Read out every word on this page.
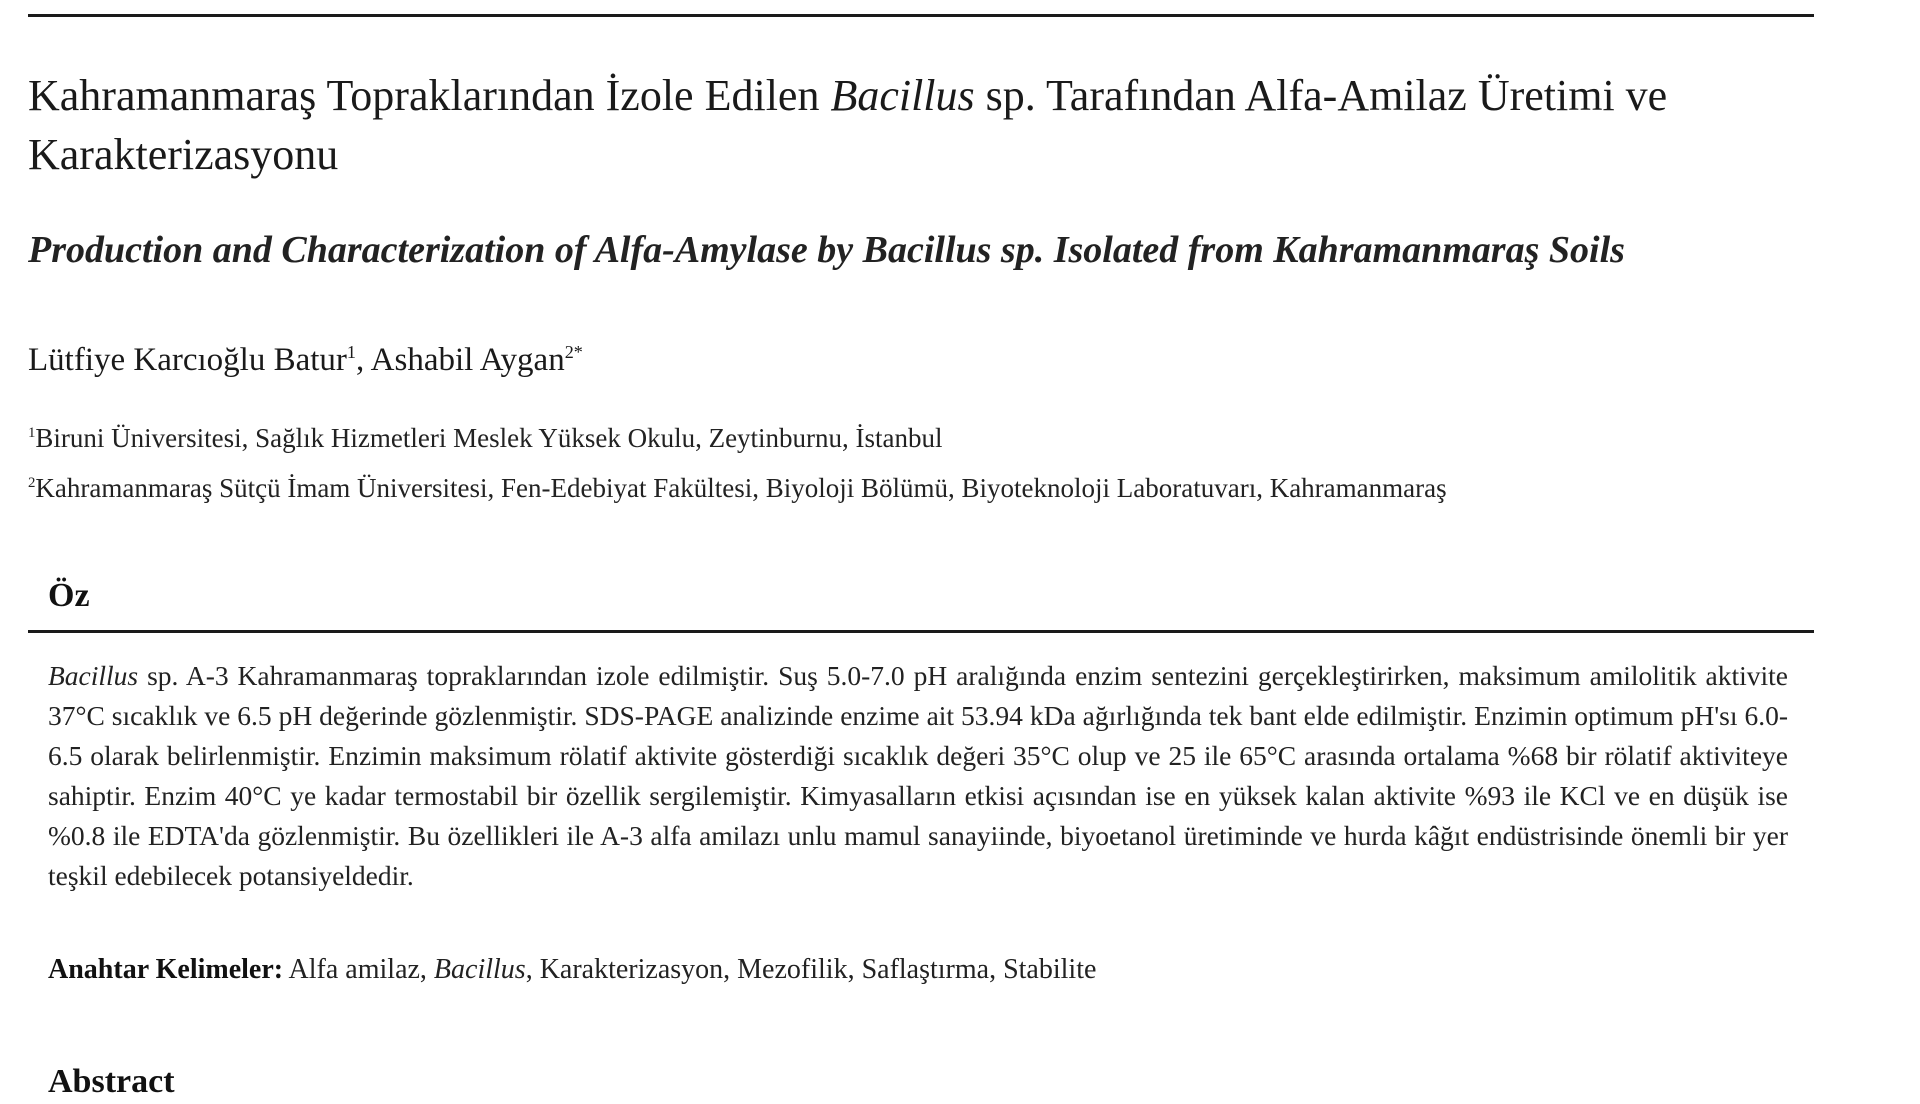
Kahramanmaraş Topraklarından İzole Edilen Bacillus sp. Tarafından Alfa-Amilaz Üretimi ve Karakterizasyonu
Production and Characterization of Alfa-Amylase by Bacillus sp. Isolated from Kahramanmaraş Soils

Lütfiye Karcıoğlu Batur$^1$, Ashabil Aygan$^{2*}$

$^1$Biruni Üniversitesi, Sağlık Hizmetleri Meslek Yüksek Okulu, Zeytinburnu, İstanbul

$^2$Kahramanmaraş Sütçü İmam Üniversitesi, Fen-Edebiyat Fakültesi, Biyoloji Bölümü, Biyoteknoloji Laboratuvarı, Kahramanmaraş

Öz

Bacillus sp. A-3 Kahramanmaraş topraklarından izole edilmiştir. Suş 5.0-7.0 pH aralığında enzim sentezini gerçekleştirirken, maksimum amilolitik aktivite 37°C sıcaklık ve 6.5 pH değerinde gözlenmiştir. SDS-PAGE analizinde enzime ait 53.94 kDa ağırlığında tek bant elde edilmiştir. Enzimin optimum pH'sı 6.0-6.5 olarak belirlenmiştir. Enzimin maksimum rölatif aktivite gösterdiği sıcaklık değeri 35°C olup ve 25 ile 65°C arasında ortalama %68 bir rölatif aktiviteye sahiptir. Enzim 40°C ye kadar termostabil bir özellik sergilemiştir. Kimyasalların etkisi açısından ise en yüksek kalan aktivite %93 ile KCl ve en düşük ise %0.8 ile EDTA'da gözlenmiştir. Bu özellikleri ile A-3 alfa amilazı unlu mamul sanayiinde, biyoetanol üretiminde ve hurda kâğıt endüstrisinde önemli bir yer teşkil edebilecek potansiyeldedir.

Anahtar Kelimeler: Alfa amilaz, Bacillus, Karakterizasyon, Mezofilik, Saflaştırma, Stabilite

Abstract
